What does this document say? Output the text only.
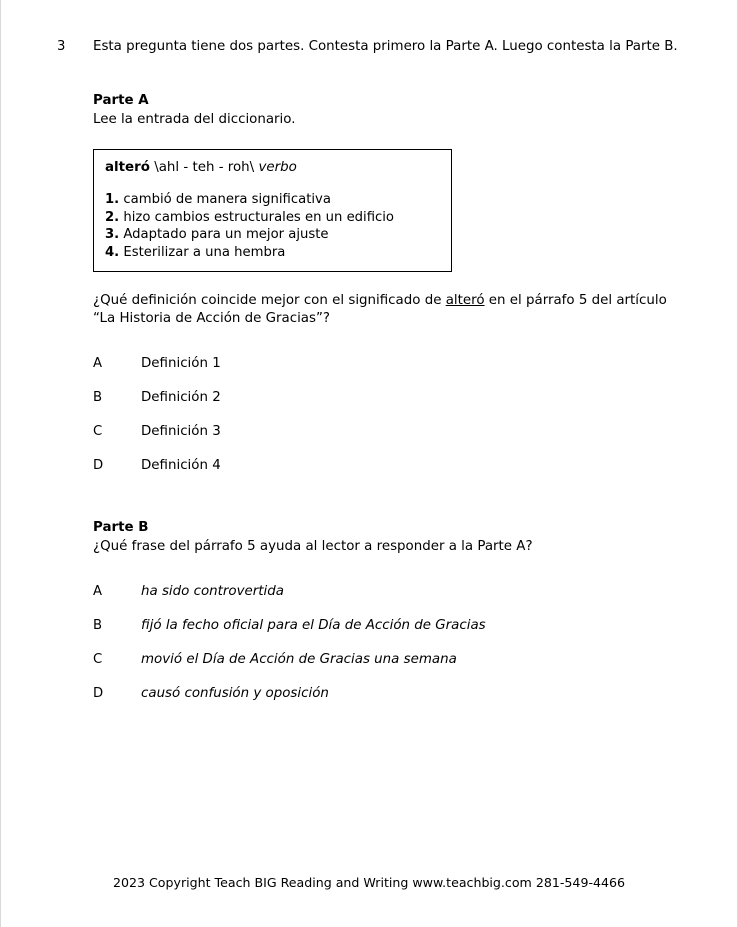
3	Esta pregunta tiene dos partes. Contesta primero la Parte A. Luego contesta la Parte B.
Parte A
Lee la entrada del diccionario.
alteró \ahl - teh - roh\ verbo
1. cambió de manera significativa
2. hizo cambios estructurales en un edificio
3. Adaptado para un mejor ajuste
4. Esterilizar a una hembra
¿Qué definición coincide mejor con el significado de alteró en el párrafo 5 del artículo “La Historia de Acción de Gracias”?
A	Definición 1
B	Definición 2
C	Definición 3
D	Definición 4
Parte B
¿Qué frase del párrafo 5 ayuda al lector a responder a la Parte A?
A	ha sido controvertida
B	fijó la fecho oficial para el Día de Acción de Gracias
C	movió el Día de Acción de Gracias una semana
D	causó confusión y oposición
2023 Copyright Teach BIG Reading and Writing www.teachbig.com 281-549-4466
